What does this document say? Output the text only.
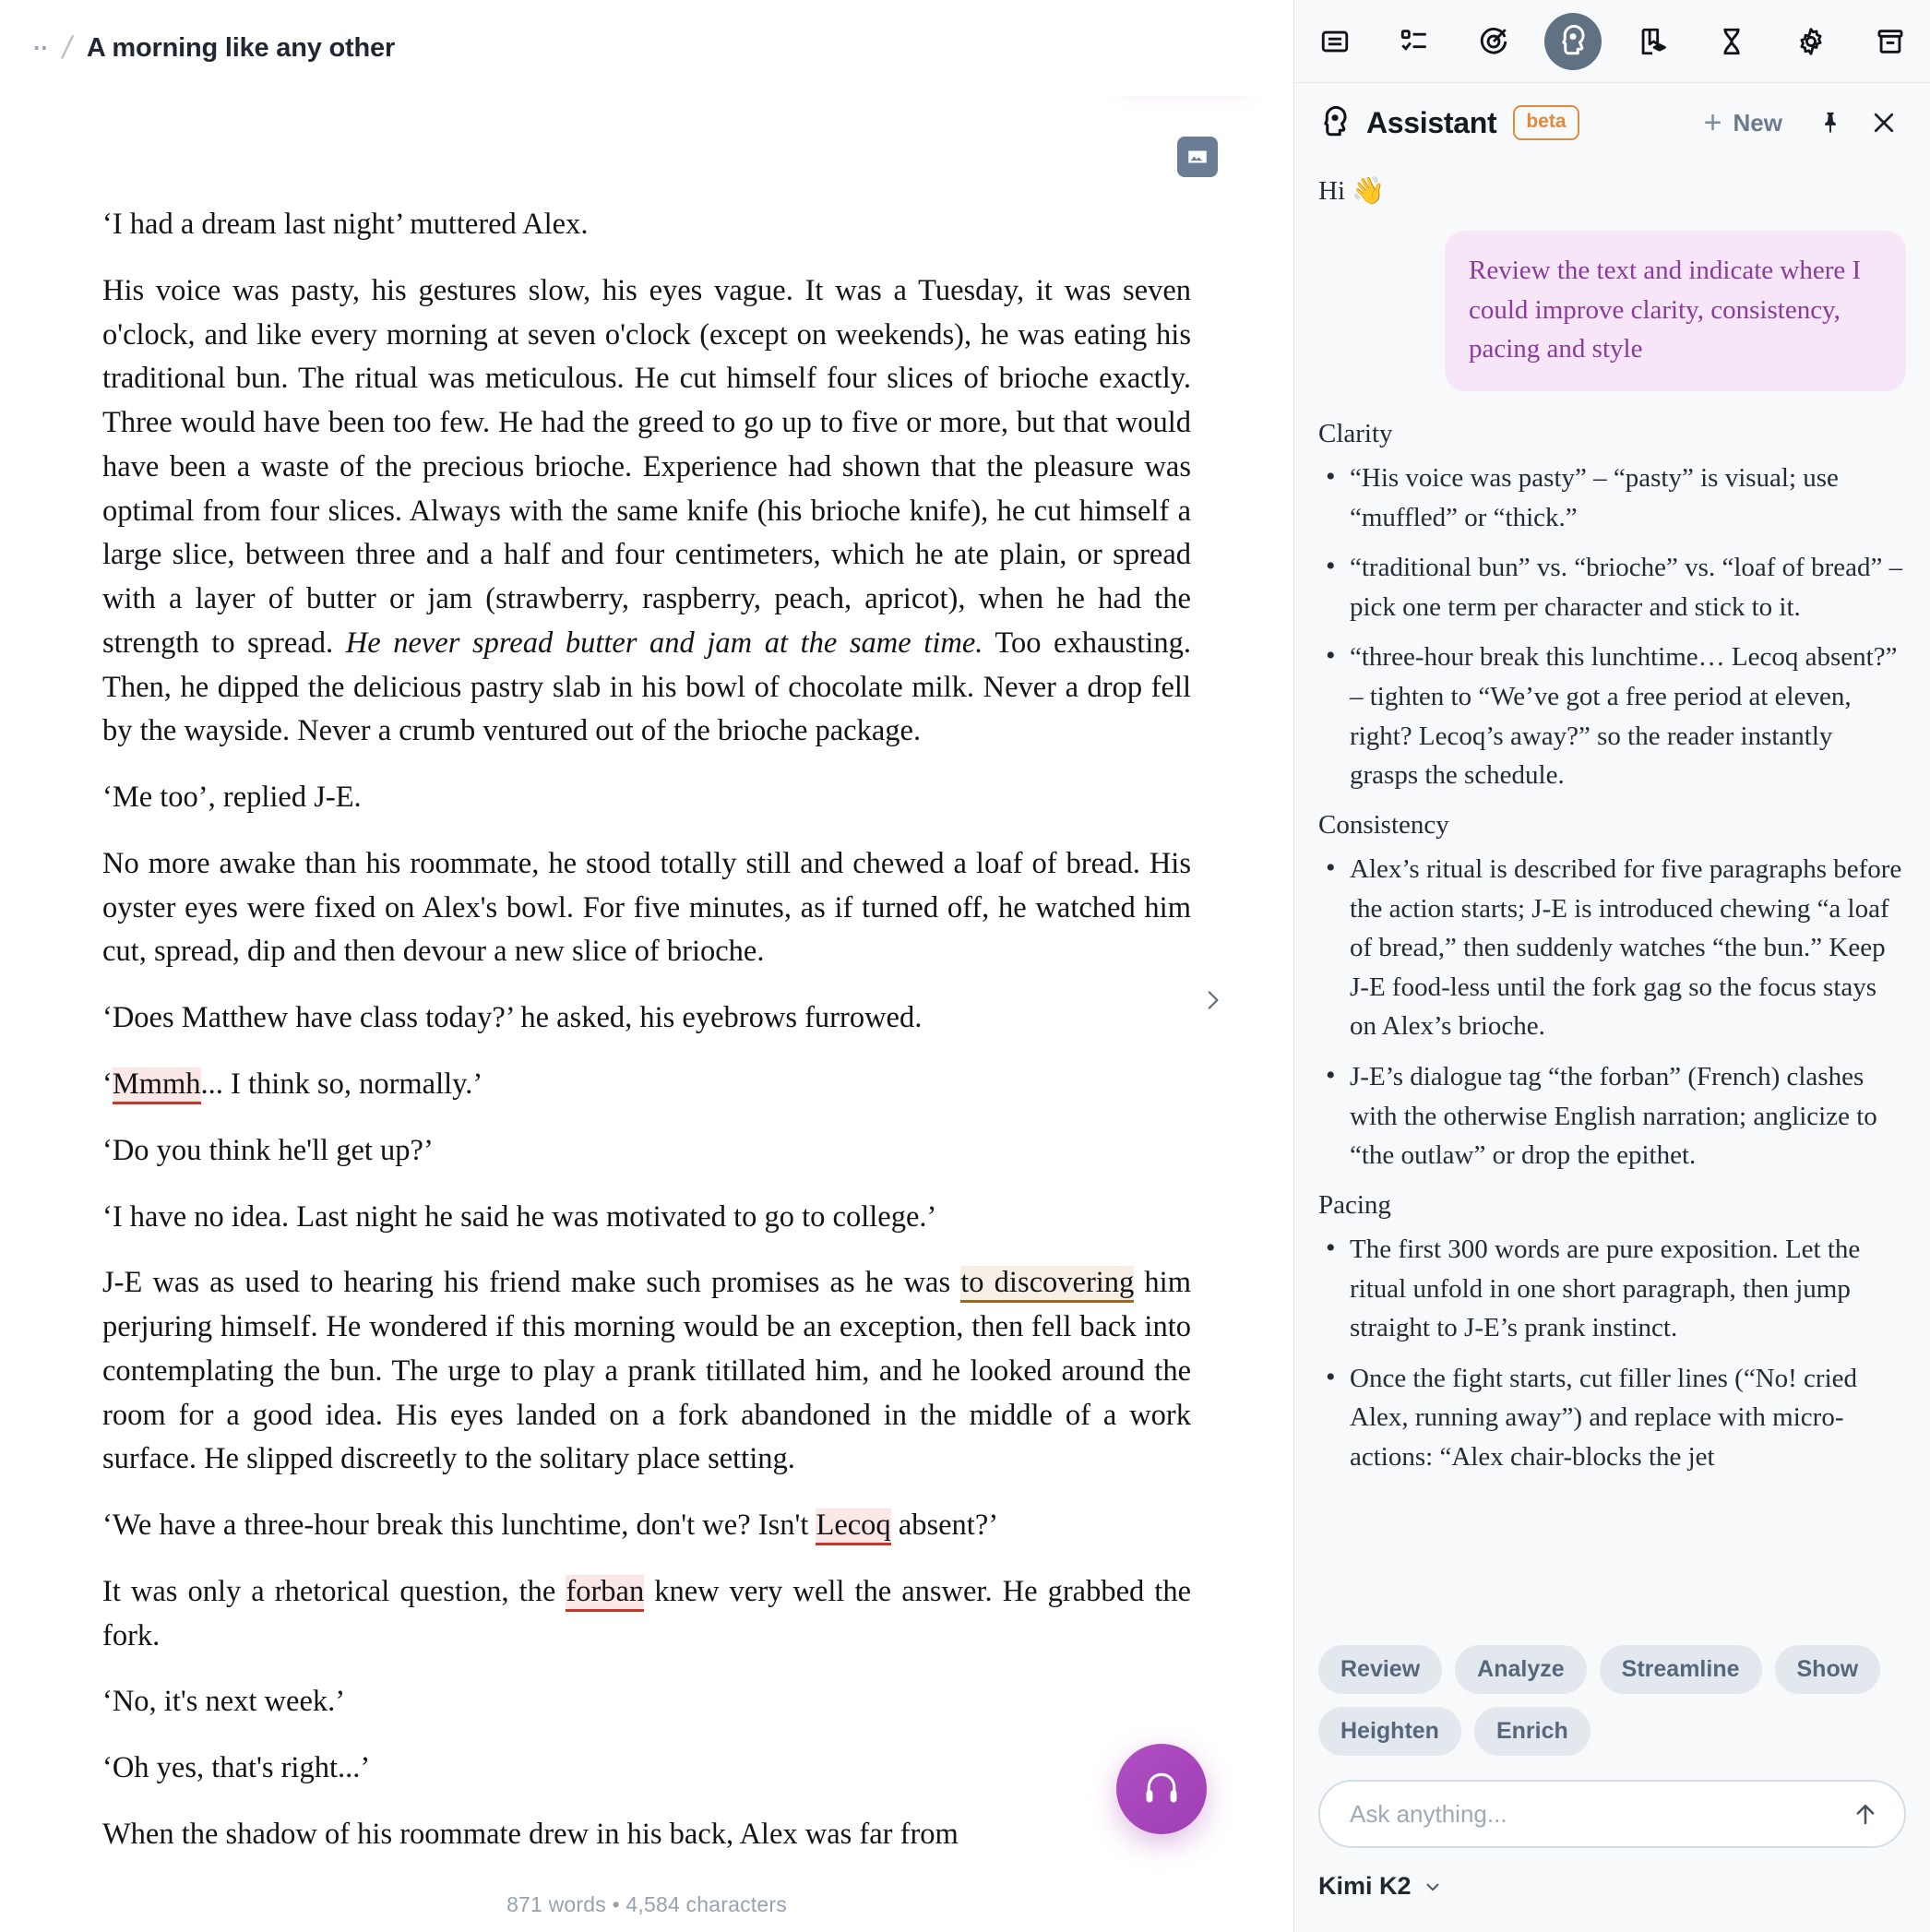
.. / A morning like any other

‘I had a dream last night’ muttered Alex.

His voice was pasty, his gestures slow, his eyes vague. It was a Tuesday, it was seven o'clock, and like every morning at seven o'clock (except on weekends), he was eating his traditional bun. The ritual was meticulous. He cut himself four slices of brioche exactly. Three would have been too few. He had the greed to go up to five or more, but that would have been a waste of the precious brioche. Experience had shown that the pleasure was optimal from four slices. Always with the same knife (his brioche knife), he cut himself a large slice, between three and a half and four centimeters, which he ate plain, or spread with a layer of butter or jam (strawberry, raspberry, peach, apricot), when he had the strength to spread. He never spread butter and jam at the same time. Too exhausting. Then, he dipped the delicious pastry slab in his bowl of chocolate milk. Never a drop fell by the wayside. Never a crumb ventured out of the brioche package.

‘Me too’, replied J-E.

No more awake than his roommate, he stood totally still and chewed a loaf of bread. His oyster eyes were fixed on Alex's bowl. For five minutes, as if turned off, he watched him cut, spread, dip and then devour a new slice of brioche.

‘Does Matthew have class today?’ he asked, his eyebrows furrowed.

‘Mmmh... I think so, normally.’

‘Do you think he'll get up?’

‘I have no idea. Last night he said he was motivated to go to college.’

J-E was as used to hearing his friend make such promises as he was to discovering him perjuring himself. He wondered if this morning would be an exception, then fell back into contemplating the bun. The urge to play a prank titillated him, and he looked around the room for a good idea. His eyes landed on a fork abandoned in the middle of a work surface. He slipped discreetly to the solitary place setting.

‘We have a three-hour break this lunchtime, don't we? Isn't Lecoq absent?’

It was only a rhetorical question, the forban knew very well the answer. He grabbed the fork.

‘No, it's next week.’

‘Oh yes, that's right...’

When the shadow of his roommate drew in his back, Alex was far from

871 words • 4,584 characters
Assistant	beta	+ New
Hi 👋
Review the text and indicate where I could improve clarity, consistency, pacing and style
Clarity
• “His voice was pasty” – “pasty” is visual; use “muffled” or “thick.”
• “traditional bun” vs. “brioche” vs. “loaf of bread” – pick one term per character and stick to it.
• “three-hour break this lunchtime… Lecoq absent?” – tighten to “We’ve got a free period at eleven, right? Lecoq’s away?” so the reader instantly grasps the schedule.
Consistency
• Alex’s ritual is described for five paragraphs before the action starts; J-E is introduced chewing “a loaf of bread,” then suddenly watches “the bun.” Keep J-E food-less until the fork gag so the focus stays on Alex’s brioche.
• J-E’s dialogue tag “the forban” (French) clashes with the otherwise English narration; anglicize to “the outlaw” or drop the epithet.
Pacing
• The first 300 words are pure exposition. Let the ritual unfold in one short paragraph, then jump straight to J-E’s prank instinct.
• Once the fight starts, cut filler lines (“No! cried Alex, running away”) and replace with micro-actions: “Alex chair-blocks the jet
Review	Analyze	Streamline	Show
Heighten	Enrich
Ask anything...
Kimi K2
